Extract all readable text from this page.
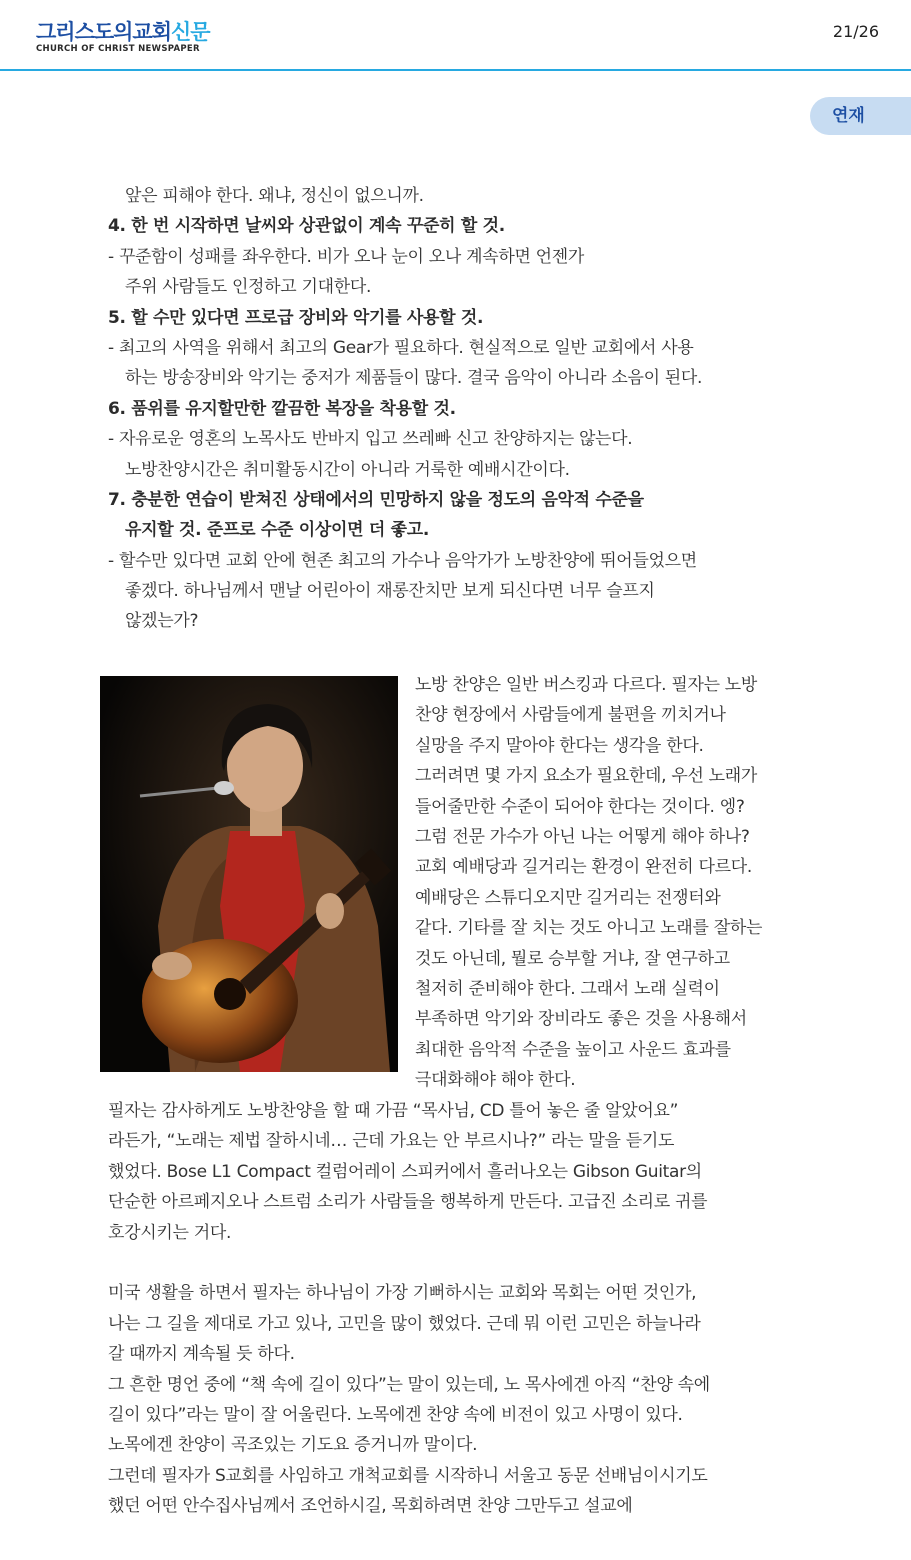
그리스도의교회신문
CHURCH OF CHRIST NEWSPAPER
21/26
연재
앞은 피해야 한다. 왜냐, 정신이 없으니까.
4. 한 번 시작하면 날씨와 상관없이 계속 꾸준히 할 것.
- 꾸준함이 성패를 좌우한다. 비가 오나 눈이 오나 계속하면 언젠가
주위 사람들도 인정하고 기대한다.
5. 할 수만 있다면 프로급 장비와 악기를 사용할 것.
- 최고의 사역을 위해서 최고의 Gear가 필요하다. 현실적으로 일반 교회에서 사용
하는 방송장비와 악기는 중저가 제품들이 많다. 결국 음악이 아니라 소음이 된다.
6. 품위를 유지할만한 깔끔한 복장을 착용할 것.
- 자유로운 영혼의 노목사도 반바지 입고 쓰레빠 신고 찬양하지는 않는다.
노방찬양시간은 취미활동시간이 아니라 거룩한 예배시간이다.
7. 충분한 연습이 받쳐진 상태에서의 민망하지 않을 정도의 음악적 수준을
유지할 것. 준프로 수준 이상이면 더 좋고.
- 할수만 있다면 교회 안에 현존 최고의 가수나 음악가가 노방찬양에 뛰어들었으면
좋겠다. 하나님께서 맨날 어린아이 재롱잔치만 보게 되신다면 너무 슬프지
않겠는가?
노방 찬양은 일반 버스킹과 다르다. 필자는 노방
찬양 현장에서 사람들에게 불편을 끼치거나
실망을 주지 말아야 한다는 생각을 한다.
그러려면 몇 가지 요소가 필요한데, 우선 노래가
들어줄만한 수준이 되어야 한다는 것이다. 엥?
그럼 전문 가수가 아닌 나는 어떻게 해야 하나?
교회 예배당과 길거리는 환경이 완전히 다르다.
예배당은 스튜디오지만 길거리는 전쟁터와
같다. 기타를 잘 치는 것도 아니고 노래를 잘하는
것도 아닌데, 뭘로 승부할 거냐, 잘 연구하고
철저히 준비해야 한다. 그래서 노래 실력이
부족하면 악기와 장비라도 좋은 것을 사용해서
최대한 음악적 수준을 높이고 사운드 효과를
극대화해야 해야 한다.
필자는 감사하게도 노방찬양을 할 때 가끔 “목사님, CD 틀어 놓은 줄 알았어요”
라든가, “노래는 제법 잘하시네… 근데 가요는 안 부르시나?” 라는 말을 듣기도
했었다. Bose L1 Compact 컬럼어레이 스피커에서 흘러나오는 Gibson Guitar의
단순한 아르페지오나 스트럼 소리가 사람들을 행복하게 만든다. 고급진 소리로 귀를
호강시키는 거다.
미국 생활을 하면서 필자는 하나님이 가장 기뻐하시는 교회와 목회는 어떤 것인가,
나는 그 길을 제대로 가고 있나, 고민을 많이 했었다. 근데 뭐 이런 고민은 하늘나라
갈 때까지 계속될 듯 하다.
그 흔한 명언 중에 “책 속에 길이 있다”는 말이 있는데, 노 목사에겐 아직 “찬양 속에
길이 있다”라는 말이 잘 어울린다. 노목에겐 찬양 속에 비전이 있고 사명이 있다.
노목에겐 찬양이 곡조있는 기도요 증거니까 말이다.
그런데 필자가 S교회를 사임하고 개척교회를 시작하니 서울고 동문 선배님이시기도
했던 어떤 안수집사님께서 조언하시길, 목회하려면 찬양 그만두고 설교에
